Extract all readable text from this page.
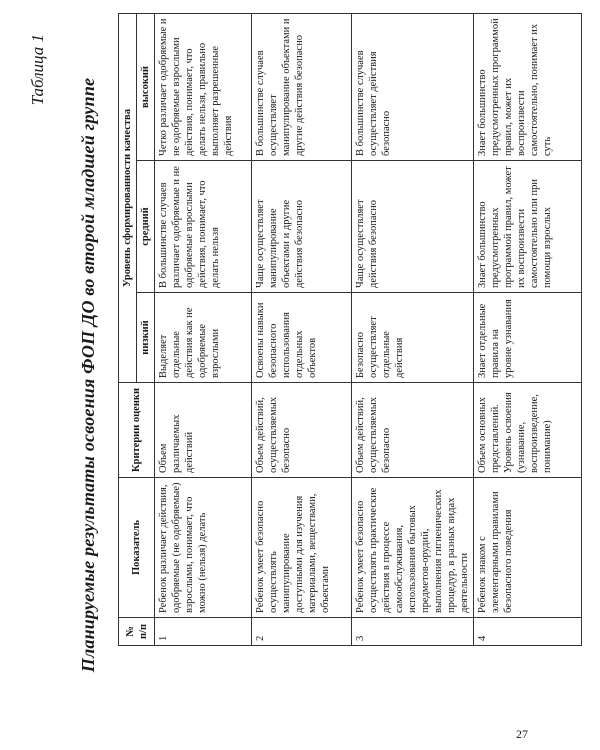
Таблица 1
Планируемые результаты освоения ФОП ДО во второй младшей группе	№ п/п	Показатель	Критерии оценки	Уровень сформированности качества		
			низкий	средний	высокий
1	Ребенок различает действия, одобряемые (не одобряемые) взрослыми, понимает, что можно (нельзя) делать	Объем различаемых действий	Выделяет отдельные действия как не одобряемые взрослыми	В большинстве случаев различает одобряемые и не одобряемые взрослыми действия, понимает, что делать нельзя	Четко различает одобряемые и не одобряемые взрослыми действия, понимает, что делать нельзя, правильно выполняет разрешенные действия
2	Ребенок умеет безопасно осуществлять манипулирование доступными для изучения материалами, веществами, объектами	Объем действий, осуществляемых безопасно	Освоены навыки безопасного использования отдельных объектов	Чаще осуществляет манипулирование объектами и другие действия безопасно	В большинстве случаев осуществляет манипулирование объектами и другие действия безопасно
3	Ребенок умеет безопасно осуществлять практические действия в процессе самообслуживания, использования бытовых предметов-орудий, выполнения гигиенических процедур, в разных видах деятельности	Объем действий, осуществляемых безопасно	Безопасно осуществляет отдельные действия	Чаще осуществляет действия безопасно	В большинстве случаев осуществляет действия безопасно
4	Ребенок знаком с элементарными правилами безопасного поведения	Объем основных представлений. Уровень освоения (узнавание, воспроизведение, понимание)	Знает отдельные правила на уровне узнавания	Знает большинство предусмотренных программой правил, может их воспроизвести самостоятельно или при помощи взрослых	Знает большинство предусмотренных программой правил, может их воспроизвести самостоятельно, понимает их суть
27
